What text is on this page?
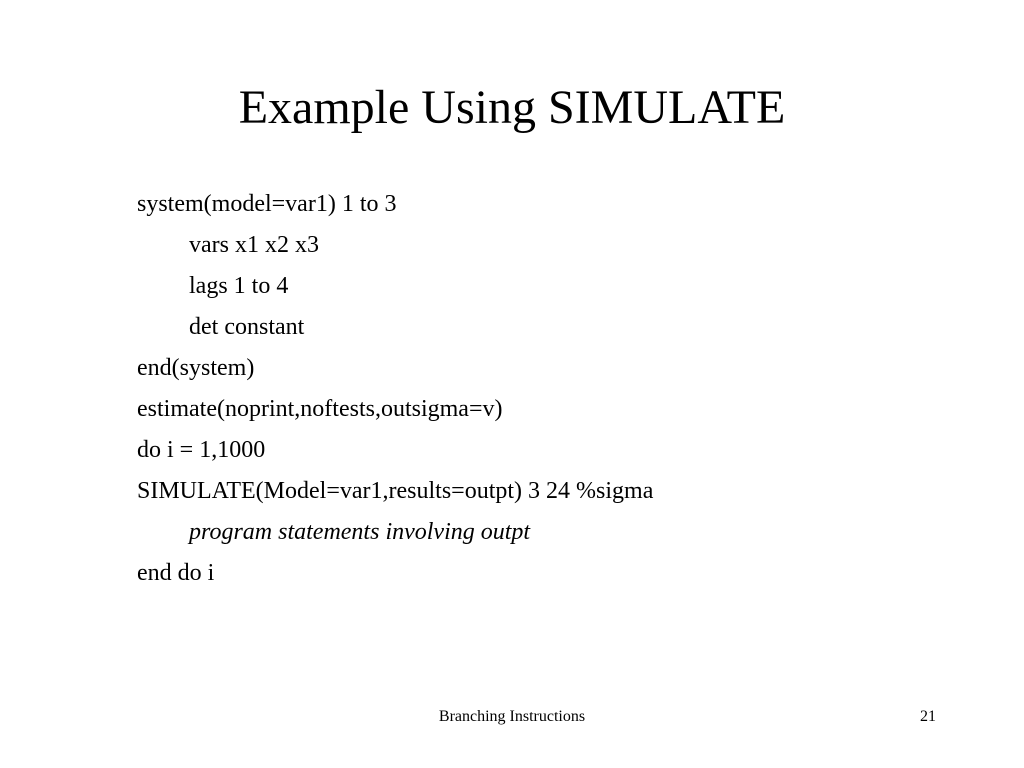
Example Using SIMULATE
system(model=var1) 1 to 3
vars x1 x2 x3
lags 1 to 4
det constant
end(system)
estimate(noprint,noftests,outsigma=v)
do i = 1,1000
SIMULATE(Model=var1,results=outpt) 3 24 %sigma
program statements involving outpt
end do i
Branching Instructions	21
